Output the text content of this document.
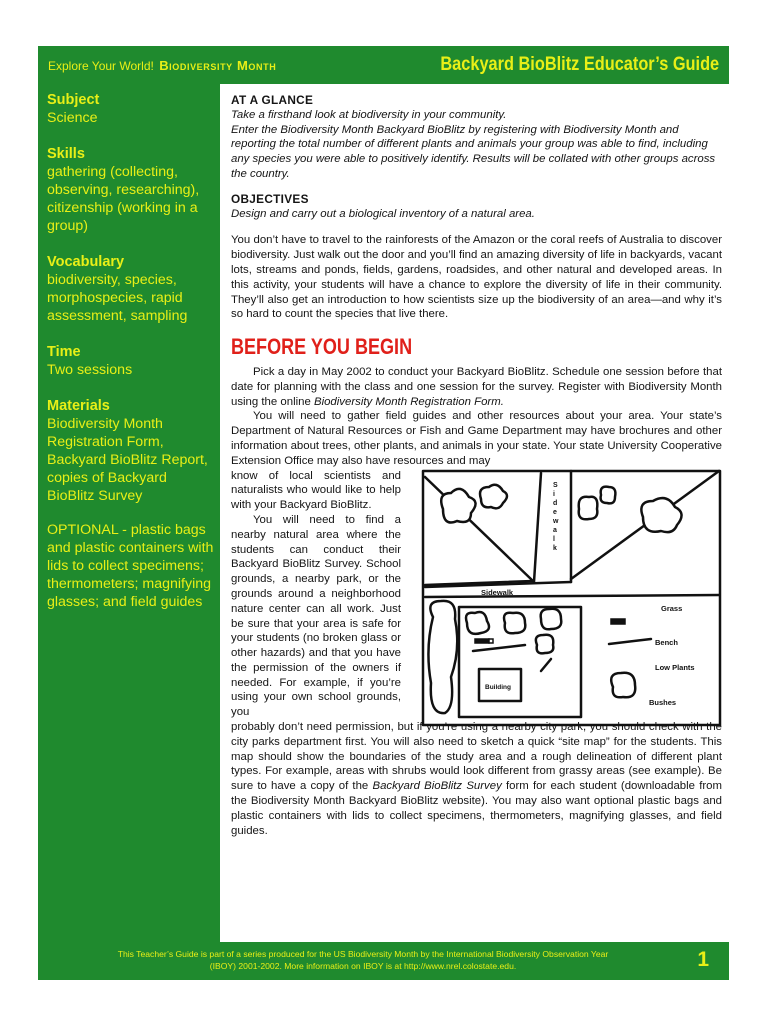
Explore Your World! Biodiversity Month	Backyard BioBlitz Educator’s Guide
Subject
Science
Skills
gathering (collecting, observing, researching), citizenship (working in a group)
Vocabulary
biodiversity, species, morphospecies, rapid assessment, sampling
Time
Two sessions
Materials
Biodiversity Month Registration Form, Backyard BioBlitz Report, copies of Backyard BioBlitz Survey
OPTIONAL - plastic bags and plastic containers with lids to collect specimens; thermometers; magnifying glasses; and field guides
AT A GLANCE
Take a firsthand look at biodiversity in your community.
Enter the Biodiversity Month Backyard BioBlitz by registering with Biodiversity Month and reporting the total number of different plants and animals your group was able to find, including any species you were able to positively identify. Results will be collated with other groups across the country.
OBJECTIVES
Design and carry out a biological inventory of a natural area.
You don’t have to travel to the rainforests of the Amazon or the coral reefs of Australia to discover biodiversity. Just walk out the door and you’ll find an amazing diversity of life in backyards, vacant lots, streams and ponds, fields, gardens, roadsides, and other natural and developed areas. In this activity, your students will have a chance to explore the diversity of life in their community. They’ll also get an introduction to how scientists size up the biodiversity of an area—and why it’s so hard to count the species that live there.
BEFORE YOU BEGIN
Pick a day in May 2002 to conduct your Backyard BioBlitz. Schedule one session before that date for planning with the class and one session for the survey. Register with Biodiversity Month using the online Biodiversity Month Registration Form.
You will need to gather field guides and other resources about your area. Your state’s Department of Natural Resources or Fish and Game Department may have brochures and other information about trees, other plants, and animals in your state. Your state University Cooperative Extension Office may also have resources and may
S i d e w a l k
Sidewalk
Building
Grass
Bench
Low Plants
Bushes
know of local scientists and naturalists who would like to help with your Backyard BioBlitz.
You will need to find a nearby natural area where the students can conduct their Backyard BioBlitz Survey. School grounds, a nearby park, or the grounds around a neighborhood nature center can all work. Just be sure that your area is safe for your students (no broken glass or other hazards) and that you have the permission of the owners if needed. For example, if you’re using your own school grounds, you
probably don’t need permission, but if you’re using a nearby city park, you should check with the city parks department first. You will also need to sketch a quick “site map” for the students. This map should show the boundaries of the study area and a rough delineation of different plant types. For example, areas with shrubs would look different from grassy areas (see example). Be sure to have a copy of the Backyard BioBlitz Survey form for each student (downloadable from the Biodiversity Month Backyard BioBlitz website). You may also want optional plastic bags and plastic containers with lids to collect specimens, thermometers, magnifying glasses, and field guides.
This Teacher’s Guide is part of a series produced for the US Biodiversity Month by the International Biodiversity Observation Year
(IBOY) 2001-2002. More information on IBOY is at http://www.nrel.colostate.edu.	1
